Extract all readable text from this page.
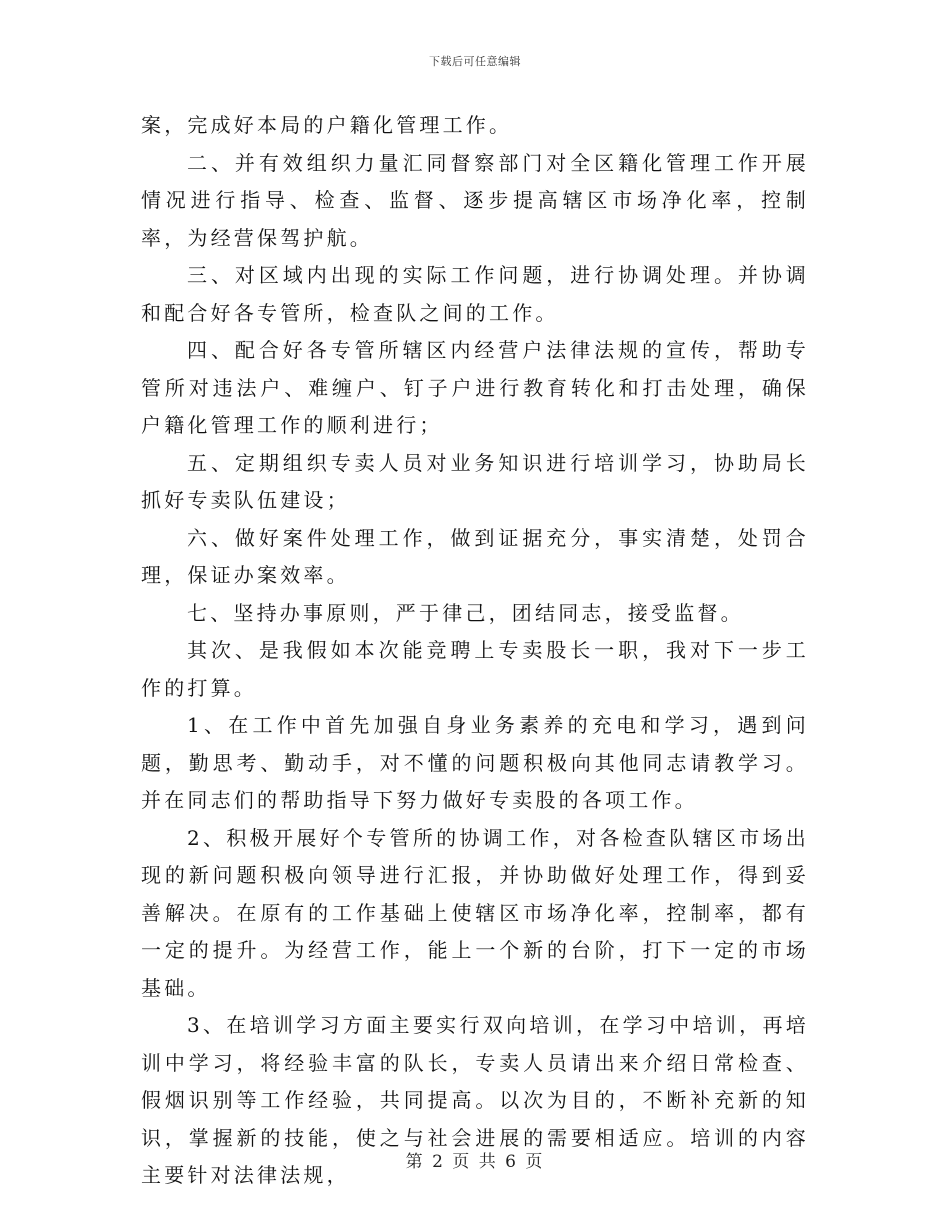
下载后可任意编辑

案，完成好本局的户籍化管理工作。

二、并有效组织力量汇同督察部门对全区籍化管理工作开展情况进行指导、检查、监督、逐步提高辖区市场净化率，控制率，为经营保驾护航。

三、对区域内出现的实际工作问题，进行协调处理。并协调和配合好各专管所，检查队之间的工作。

四、配合好各专管所辖区内经营户法律法规的宣传，帮助专管所对违法户、难缠户、钉子户进行教育转化和打击处理，确保户籍化管理工作的顺利进行；

五、定期组织专卖人员对业务知识进行培训学习，协助局长抓好专卖队伍建设；

六、做好案件处理工作，做到证据充分，事实清楚，处罚合理，保证办案效率。

七、坚持办事原则，严于律己，团结同志，接受监督。

其次、是我假如本次能竞聘上专卖股长一职，我对下一步工作的打算。

1、在工作中首先加强自身业务素养的充电和学习，遇到问题，勤思考、勤动手，对不懂的问题积极向其他同志请教学习。并在同志们的帮助指导下努力做好专卖股的各项工作。

2、积极开展好个专管所的协调工作，对各检查队辖区市场出现的新问题积极向领导进行汇报，并协助做好处理工作，得到妥善解决。在原有的工作基础上使辖区市场净化率，控制率，都有一定的提升。为经营工作，能上一个新的台阶，打下一定的市场基础。

3、在培训学习方面主要实行双向培训，在学习中培训，再培训中学习，将经验丰富的队长，专卖人员请出来介绍日常检查、假烟识别等工作经验，共同提高。以次为目的，不断补充新的知识，掌握新的技能，使之与社会进展的需要相适应。培训的内容主要针对法律法规，

第 2 页 共 6 页
